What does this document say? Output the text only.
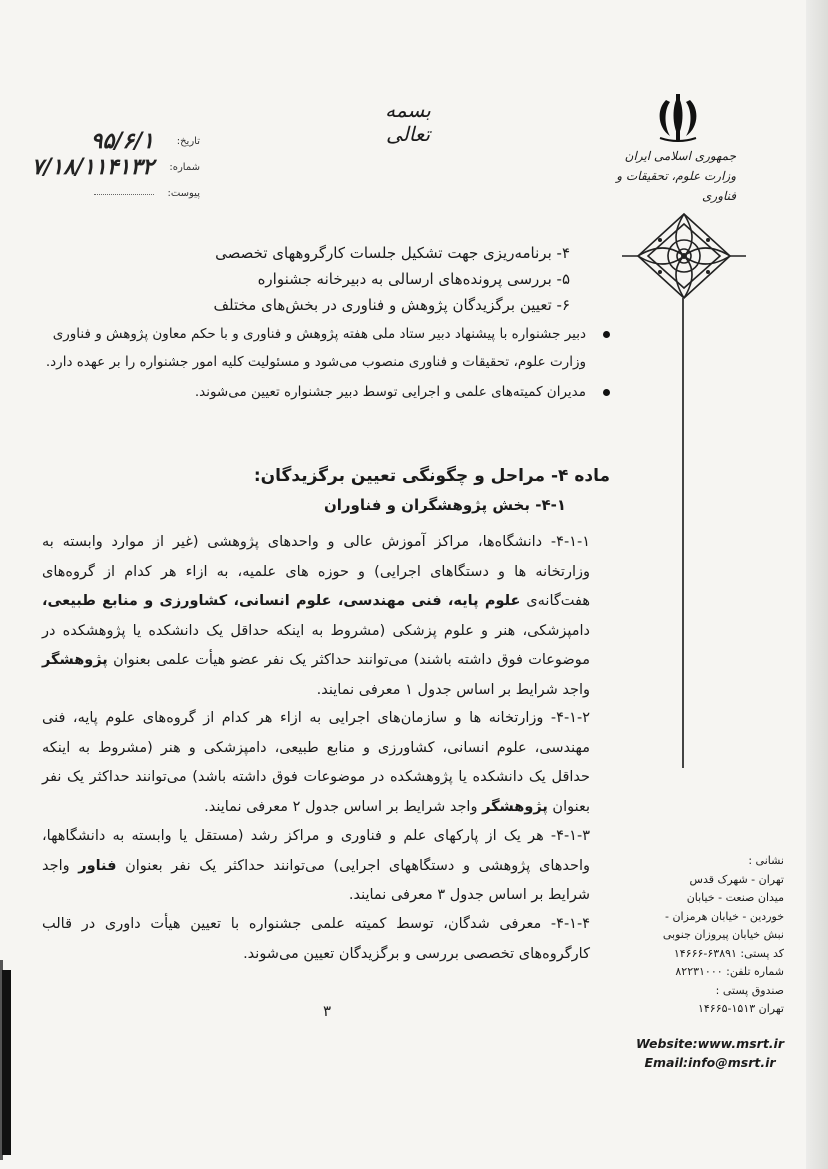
جمهوری اسلامی ایران
وزارت علوم، تحقیقات و فناوری
بسمه تعالی
تاریخ:
۹۵/۶/۱
شماره:
۷/۱۸/۱۱۴۱۳۲
پیوست:
۴- برنامه‌ریزی جهت تشکیل جلسات کارگروههای تخصصی
۵- بررسی پرونده‌های ارسالی به دبیرخانه جشنواره
۶- تعیین برگزیدگان پژوهش و فناوری در بخش‌های مختلف
دبیر جشنواره با پیشنهاد دبیر ستاد ملی هفته پژوهش و فناوری و با حکم معاون پژوهش و فناوری وزارت علوم، تحقیقات و فناوری منصوب می‌شود و مسئولیت کلیه امور جشنواره را بر عهده دارد.
مدیران کمیته‌های علمی و اجرایی توسط دبیر جشنواره تعیین می‌شوند.
ماده ۴- مراحل و چگونگی تعیین برگزیدگان:
۴-۱- بخش پژوهشگران و فناوران
۴-۱-۱- دانشگاه‌ها، مراکز آموزش عالی و واحدهای پژوهشی (غیر از موارد وابسته به وزارتخانه ها و دستگاهای اجرایی) و حوزه های علمیه، به ازاء هر کدام از گروه‌های هفت‌گانه‌ی علوم پایه، فنی مهندسی، علوم انسانی، کشاورزی و منابع طبیعی، دامپزشکی، هنر و علوم پزشکی (مشروط به اینکه حداقل یک دانشکده یا پژوهشکده در موضوعات فوق داشته باشند) می‌توانند حداکثر یک نفر عضو هیأت علمی بعنوان پژوهشگر واجد شرایط بر اساس جدول ۱ معرفی نمایند.
۴-۱-۲- وزارتخانه ها و سازمان‌های اجرایی به ازاء هر کدام از گروه‌های علوم پایه، فنی مهندسی، علوم انسانی، کشاورزی و منابع طبیعی، دامپزشکی و هنر (مشروط به اینکه حداقل یک دانشکده یا پژوهشکده در موضوعات فوق داشته باشد) می‌توانند حداکثر یک نفر بعنوان پژوهشگر واجد شرایط بر اساس جدول ۲ معرفی نمایند.
۴-۱-۳- هر یک از پارکهای علم و فناوری و مراکز رشد (مستقل یا وابسته به دانشگاهها، واحدهای پژوهشی و دستگاههای اجرایی) می‌توانند حداکثر یک نفر بعنوان فناور واجد شرایط بر اساس جدول ۳ معرفی نمایند.
۴-۱-۴- معرفی شدگان، توسط کمیته علمی جشنواره با تعیین هیأت داوری در قالب کارگروه‌های تخصصی بررسی و برگزیدگان تعیین می‌شوند.
۳
نشانی :
تهران - شهرک قدس
میدان صنعت - خیابان
خوردین - خیابان هرمزان -
نبش خیابان پیروزان جنوبی
کد پستی: ۶۳۸۹۱-۱۴۶۶۶
شماره تلفن: ۸۲۲۳۱۰۰۰
صندوق پستی :
تهران ۱۵۱۳-۱۴۶۶۵
Website:www.msrt.ir
Email:info@msrt.ir
